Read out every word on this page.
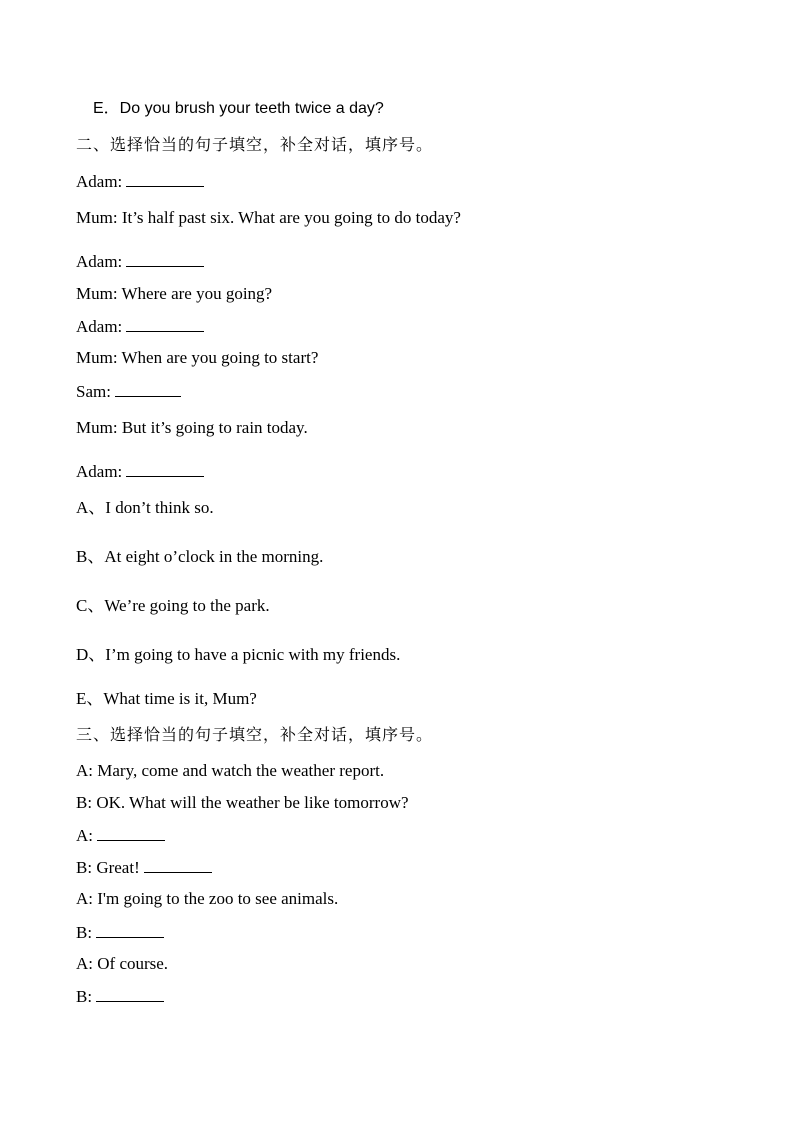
E．Do you brush your teeth twice a day?
二、选择恰当的句子填空，补全对话，填序号。
Adam:
Mum: It’s half past six. What are you going to do today?
Adam:
Mum: Where are you going?
Adam:
Mum: When are you going to start?
Sam:
Mum: But it’s going to rain today.
Adam:
A、I don’t think so.
B、At eight o’clock in the morning.
C、We’re going to the park.
D、I’m going to have a picnic with my friends.
E、What time is it, Mum?
三、选择恰当的句子填空，补全对话，填序号。
A: Mary, come and watch the weather report.
B: OK. What will the weather be like tomorrow?
A:
B: Great!
A: I'm going to the zoo to see animals.
B:
A: Of course.
B:
